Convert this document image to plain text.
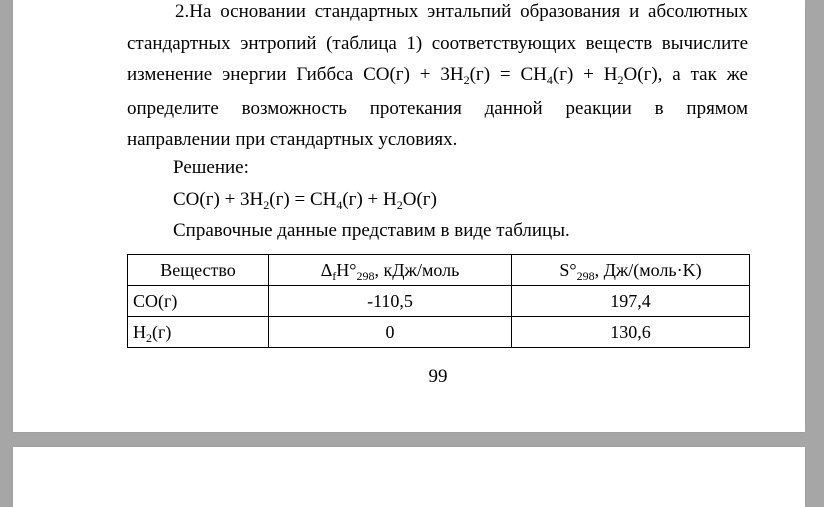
2.На основании стандартных энтальпий образования и абсолютных стандартных энтропий (таблица 1) соответствующих веществ вычислите изменение энергии Гиббса $CO(г) + 3H_2(г) = CH_4(г) + H_2O(г)$, а так же определите возможность протекания данной реакции в прямом направлении при стандартных условиях.

Решение:

$CO(г) + 3H_2(г) = CH_4(г) + H_2O(г)$

Справочные данные представим в виде таблицы.

Вещество	$\Delta_fH^\circ_{298}$, кДж/моль	$S^\circ_{298}$, Дж/(моль·K)
CO(г)	-110,5	197,4
$H_2(г)$	0	130,6
99
